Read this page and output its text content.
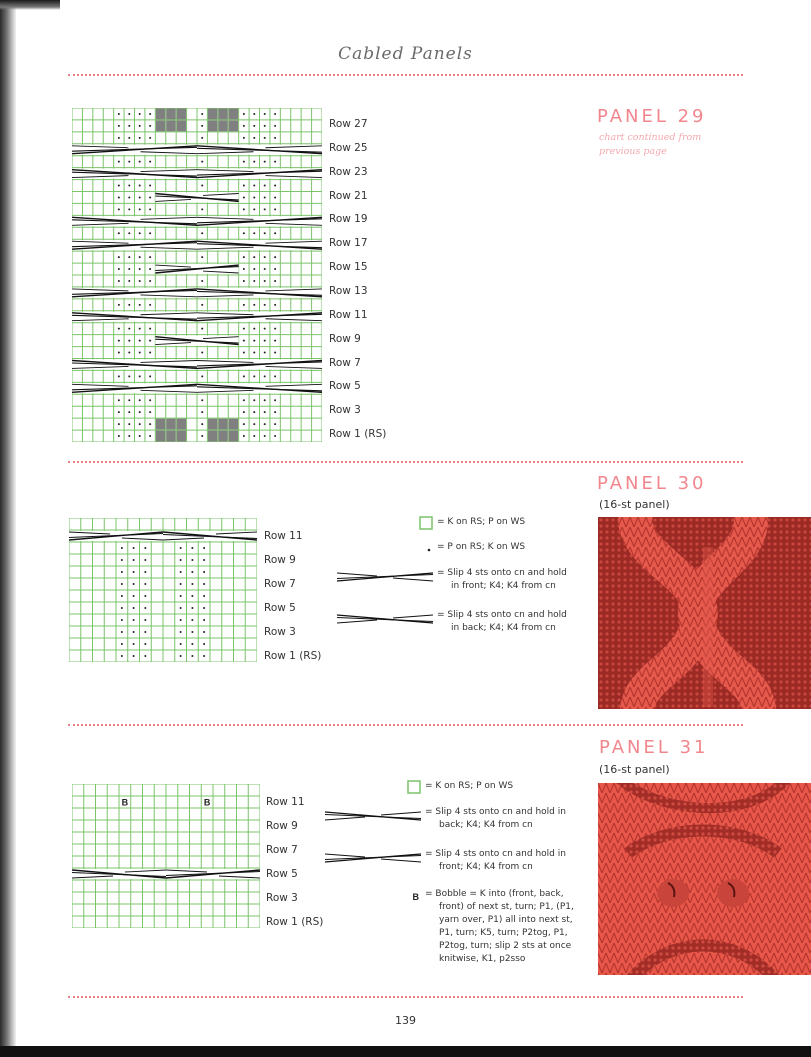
Cabled Panels
Row 27
Row 25
Row 23
Row 21
Row 19
Row 17
Row 15
Row 13
Row 11
Row 9
Row 7
Row 5
Row 3
Row 1 (RS)
PANEL 29
chart continued from
previous page
PANEL 30
(16-st panel)
Row 11
Row 9
Row 7
Row 5
Row 3
Row 1 (RS)
= K on RS; P on WS
= P on RS; K on WS
= Slip 4 sts onto cn and hold
in front; K4; K4 from cn
= Slip 4 sts onto cn and hold
in back; K4; K4 from cn
PANEL 31
(16-st panel)
B	B	Row 11
Row 9
Row 7
Row 5
Row 3
Row 1 (RS)
= K on RS; P on WS
= Slip 4 sts onto cn and hold in
back; K4; K4 from cn
= Slip 4 sts onto cn and hold in
front; K4; K4 from cn
B = Bobble = K into (front, back,
front) of next st, turn; P1, (P1,
yarn over, P1) all into next st,
P1, turn; K5, turn; P2tog, P1,
P2tog, turn; slip 2 sts at once
knitwise, K1, p2sso
139
